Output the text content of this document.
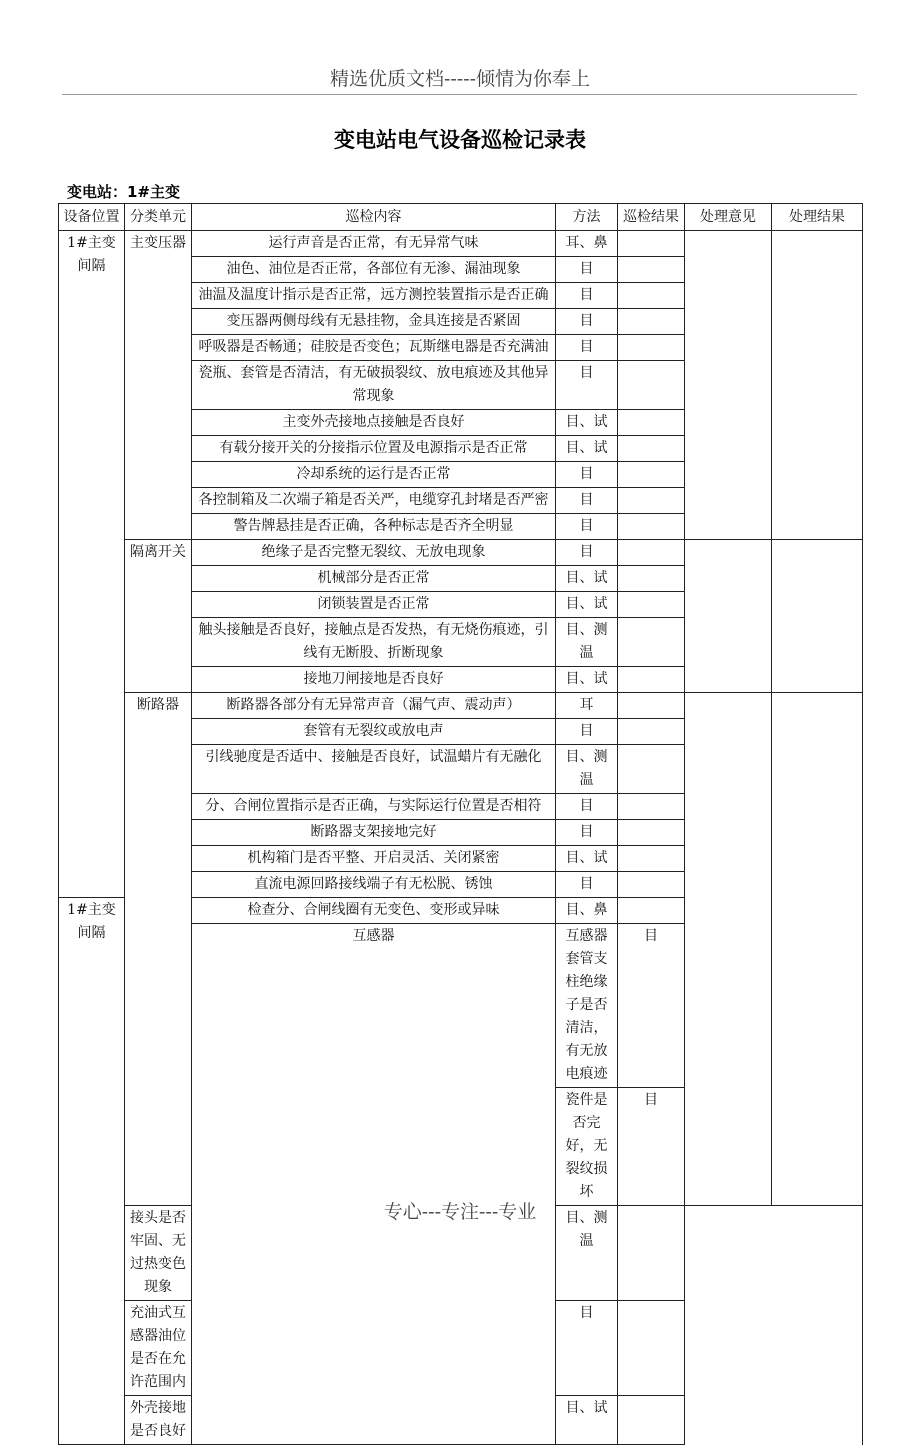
精选优质文档-----倾情为你奉上
变电站电气设备巡检记录表
变电站：1#主变
设备位置	分类单元	巡检内容	方法	巡检结果	处理意见	处理结果	
1#主变间隔	主变压器	运行声音是否正常，有无异常气味	耳、鼻				
		油色、油位是否正常，各部位有无渗、漏油现象	目				
		油温及温度计指示是否正常，远方测控装置指示是否正确	目				
		变压器两侧母线有无悬挂物，金具连接是否紧固	目				
		呼吸器是否畅通；硅胶是否变色；瓦斯继电器是否充满油	目				
		瓷瓶、套管是否清洁，有无破损裂纹、放电痕迹及其他异常现象	目				
		主变外壳接地点接触是否良好	目、试				
		有载分接开关的分接指示位置及电源指示是否正常	目、试				
		冷却系统的运行是否正常	目				
		各控制箱及二次端子箱是否关严，电缆穿孔封堵是否严密	目				
		警告牌悬挂是否正确，各种标志是否齐全明显	目				
	隔离开关	绝缘子是否完整无裂纹、无放电现象	目				
		机械部分是否正常	目、试				
		闭锁装置是否正常	目、试				
		触头接触是否良好，接触点是否发热，有无烧伤痕迹，引线有无断股、折断现象	目、测温				
		接地刀闸接地是否良好	目、试				
	断路器	断路器各部分有无异常声音（漏气声、震动声）	耳				
		套管有无裂纹或放电声	目				
		引线驰度是否适中、接触是否良好，试温蜡片有无融化	目、测温				
		分、合闸位置指示是否正确，与实际运行位置是否相符	目				
		断路器支架接地完好	目				
		机构箱门是否平整、开启灵活、关闭紧密	目、试				
		直流电源回路接线端子有无松脱、锈蚀	目				
1#主变间隔		检查分、合闸线圈有无变色、变形或异味	目、鼻				
		互感器	互感器套管支柱绝缘子是否清洁，有无放电痕迹	目			
			瓷件是否完好，无裂纹损坏	目			
	接头是否牢固、无过热变色现象		目、测温				
	充油式互感器油位是否在允许范围内		目				
	外壳接地是否良好		目、试				
专心---专注---专业
